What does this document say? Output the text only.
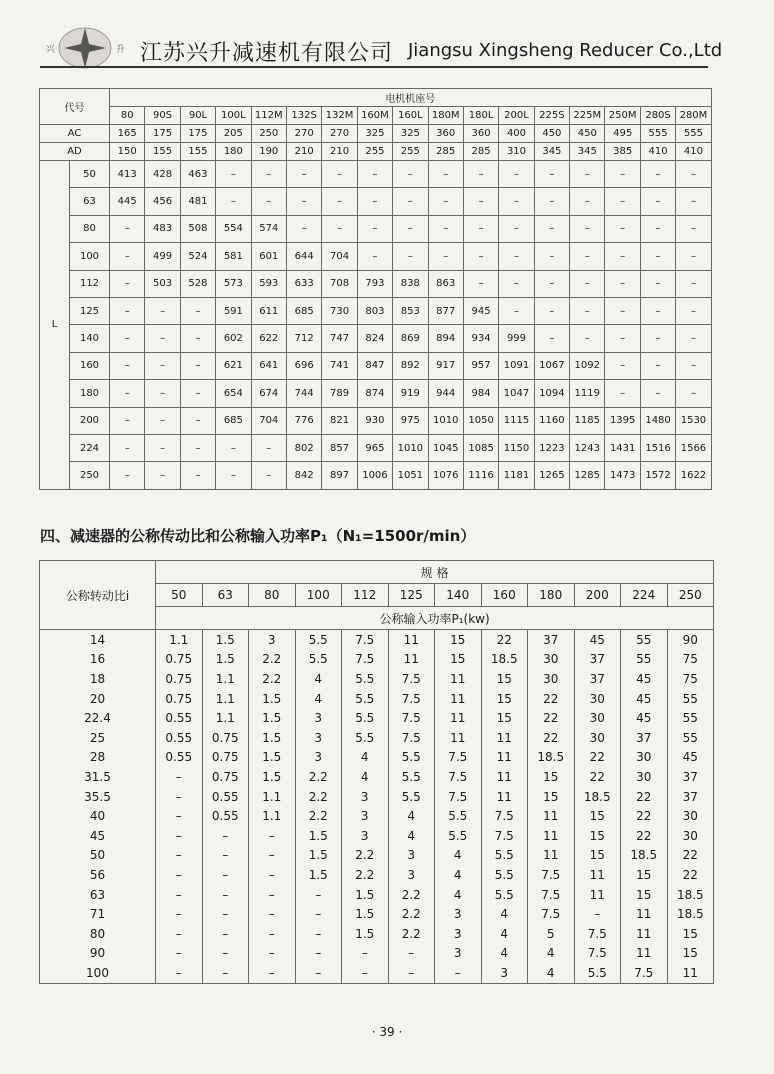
兴	升 江苏兴升减速机有限公司 Jiangsu Xingsheng Reducer Co.,Ltd
代号		电机机座号																
		80	90S	90L	100L	112M	132S	132M	160M	160L	180M	180L	200L	225S	225M	250M	280S	280M
AC		165	175	175	205	250	270	270	325	325	360	360	400	450	450	495	555	555
AD		150	155	155	180	190	210	210	255	255	285	285	310	345	345	385	410	410
L	50	413	428	463	–	–	–	–	–	–	–	–	–	–	–	–	–	–
	63	445	456	481	–	–	–	–	–	–	–	–	–	–	–	–	–	–
	80	–	483	508	554	574	–	–	–	–	–	–	–	–	–	–	–	–
	100	–	499	524	581	601	644	704	–	–	–	–	–	–	–	–	–	–
	112	–	503	528	573	593	633	708	793	838	863	–	–	–	–	–	–	–
	125	–	–	–	591	611	685	730	803	853	877	945	–	–	–	–	–	–
	140	–	–	–	602	622	712	747	824	869	894	934	999	–	–	–	–	–
	160	–	–	–	621	641	696	741	847	892	917	957	1091	1067	1092	–	–	–
	180	–	–	–	654	674	744	789	874	919	944	984	1047	1094	1119	–	–	–
	200	–	–	–	685	704	776	821	930	975	1010	1050	1115	1160	1185	1395	1480	1530
	224	–	–	–	–	–	802	857	965	1010	1045	1085	1150	1223	1243	1431	1516	1566
	250	–	–	–	–	–	842	897	1006	1051	1076	1116	1181	1265	1285	1473	1572	1622
四、减速器的公称传动比和公称输入功率P₁（N₁=1500r/min）
公称转动比i	规 格											
	50	63	80	100	112	125	140	160	180	200	224	250
	公称输入功率P₁(kw)											
14	1.1	1.5	3	5.5	7.5	11	15	22	37	45	55	90
16	0.75	1.5	2.2	5.5	7.5	11	15	18.5	30	37	55	75
18	0.75	1.1	2.2	4	5.5	7.5	11	15	30	37	45	75
20	0.75	1.1	1.5	4	5.5	7.5	11	15	22	30	45	55
22.4	0.55	1.1	1.5	3	5.5	7.5	11	15	22	30	45	55
25	0.55	0.75	1.5	3	5.5	7.5	11	11	22	30	37	55
28	0.55	0.75	1.5	3	4	5.5	7.5	11	18.5	22	30	45
31.5	–	0.75	1.5	2.2	4	5.5	7.5	11	15	22	30	37
35.5	–	0.55	1.1	2.2	3	5.5	7.5	11	15	18.5	22	37
40	–	0.55	1.1	2.2	3	4	5.5	7.5	11	15	22	30
45	–	–	–	1.5	3	4	5.5	7.5	11	15	22	30
50	–	–	–	1.5	2.2	3	4	5.5	11	15	18.5	22
56	–	–	–	1.5	2.2	3	4	5.5	7.5	11	15	22
63	–	–	–	–	1.5	2.2	4	5.5	7.5	11	15	18.5
71	–	–	–	–	1.5	2.2	3	4	7.5	–	11	18.5
80	–	–	–	–	1.5	2.2	3	4	5	7.5	11	15
90	–	–	–	–	–	–	3	4	4	7.5	11	15
100	–	–	–	–	–	–	–	3	4	5.5	7.5	11
· 39 ·
